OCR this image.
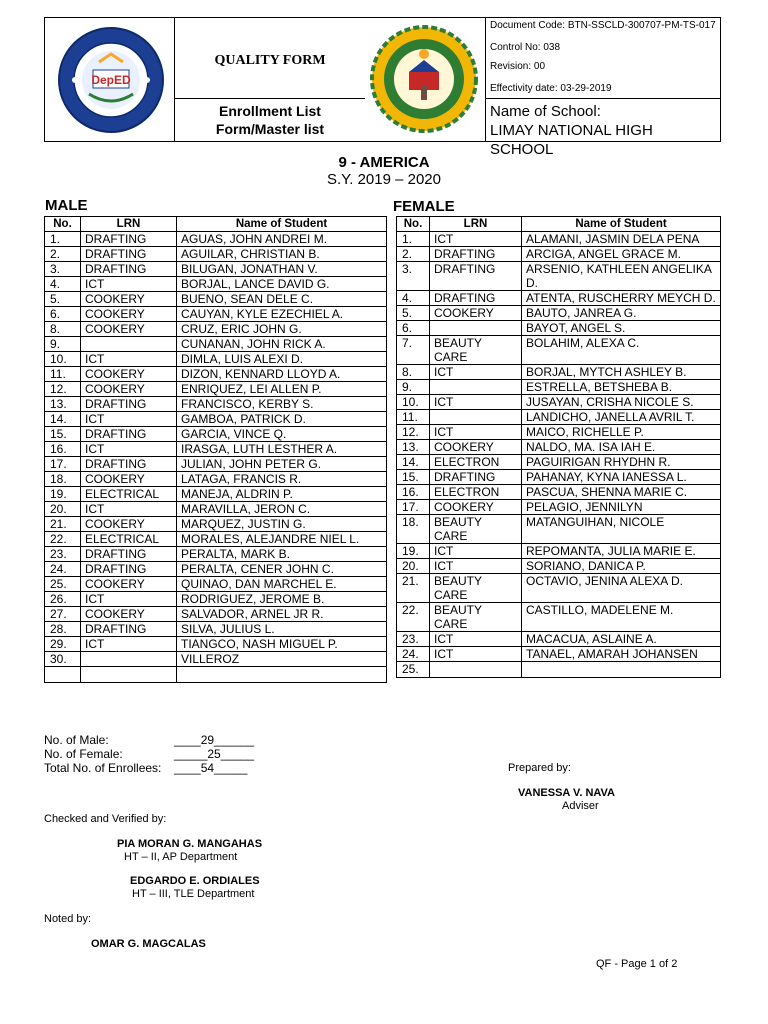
DepED
QUALITY FORM
Enrollment List
Form/Master list
Document Code: BTN-SSCLD-300707-PM-TS-017
Control No: 038
Revision: 00
Effectivity date: 03-29-2019
Name of School:
LIMAY NATIONAL HIGH SCHOOL
9 - AMERICA
S.Y. 2019 – 2020
MALE	FEMALE
No.	LRN	Name of Student
1.	DRAFTING	AGUAS, JOHN ANDREI M.
2.	DRAFTING	AGUILAR, CHRISTIAN B.
3.	DRAFTING	BILUGAN, JONATHAN V.
4.	ICT	BORJAL, LANCE DAVID G.
5.	COOKERY	BUENO, SEAN DELE C.
6.	COOKERY	CAUYAN, KYLE EZECHIEL A.
8.	COOKERY	CRUZ, ERIC JOHN G.
9.		CUNANAN, JOHN RICK A.
10.	ICT	DIMLA, LUIS ALEXI D.
11.	COOKERY	DIZON, KENNARD LLOYD A.
12.	COOKERY	ENRIQUEZ, LEI ALLEN P.
13.	DRAFTING	FRANCISCO, KERBY S.
14.	ICT	GAMBOA, PATRICK D.
15.	DRAFTING	GARCIA, VINCE Q.
16.	ICT	IRASGA, LUTH LESTHER A.
17.	DRAFTING	JULIAN, JOHN PETER G.
18.	COOKERY	LATAGA, FRANCIS R.
19.	ELECTRICAL	MANEJA, ALDRIN P.
20.	ICT	MARAVILLA, JERON C.
21.	COOKERY	MARQUEZ, JUSTIN G.
22.	ELECTRICAL	MORALES, ALEJANDRE NIEL L.
23.	DRAFTING	PERALTA, MARK B.
24.	DRAFTING	PERALTA, CENER JOHN C.
25.	COOKERY	QUINAO, DAN MARCHEL E.
26.	ICT	RODRIGUEZ, JEROME B.
27.	COOKERY	SALVADOR, ARNEL JR R.
28.	DRAFTING	SILVA, JULIUS L.
29.	ICT	TIANGCO, NASH MIGUEL P.
30.		VILLEROZ

No.	LRN	Name of Student
1.	ICT	ALAMANI, JASMIN DELA PENA
2.	DRAFTING	ARCIGA, ANGEL GRACE M.
3.	DRAFTING	ARSENIO, KATHLEEN ANGELIKA D.
4.	DRAFTING	ATENTA, RUSCHERRY MEYCH D.
5.	COOKERY	BAUTO, JANREA G.
6.		BAYOT, ANGEL S.
7.	BEAUTY CARE	BOLAHIM, ALEXA C.
8.	ICT	BORJAL, MYTCH ASHLEY B.
9.		ESTRELLA, BETSHEBA B.
10.	ICT	JUSAYAN, CRISHA NICOLE S.
11.		LANDICHO, JANELLA AVRIL T.
12.	ICT	MAICO, RICHELLE P.
13.	COOKERY	NALDO, MA. ISA IAH E.
14.	ELECTRON	PAGUIRIGAN RHYDHN R.
15.	DRAFTING	PAHANAY, KYNA IANESSA L.
16.	ELECTRON	PASCUA, SHENNA MARIE C.
17.	COOKERY	PELAGIO, JENNILYN
18.	BEAUTY CARE	MATANGUIHAN, NICOLE
19.	ICT	REPOMANTA, JULIA MARIE E.
20.	ICT	SORIANO, DANICA P.
21.	BEAUTY CARE	OCTAVIO, JENINA ALEXA D.
22.	BEAUTY CARE	CASTILLO, MADELENE M.
23.	ICT	MACACUA, ASLAINE A.
24.	ICT	TANAEL, AMARAH JOHANSEN
25.		
No. of Male:	____29______
No. of Female:	_____25_____
Total No. of Enrollees: ____54_____	Prepared by:
VANESSA V. NAVA
Adviser
Checked and Verified by:
PIA MORAN G. MANGAHAS
HT – II, AP Department
EDGARDO E. ORDIALES
HT – III, TLE Department
Noted by:
OMAR G. MAGCALAS
QF - Page 1 of 2
